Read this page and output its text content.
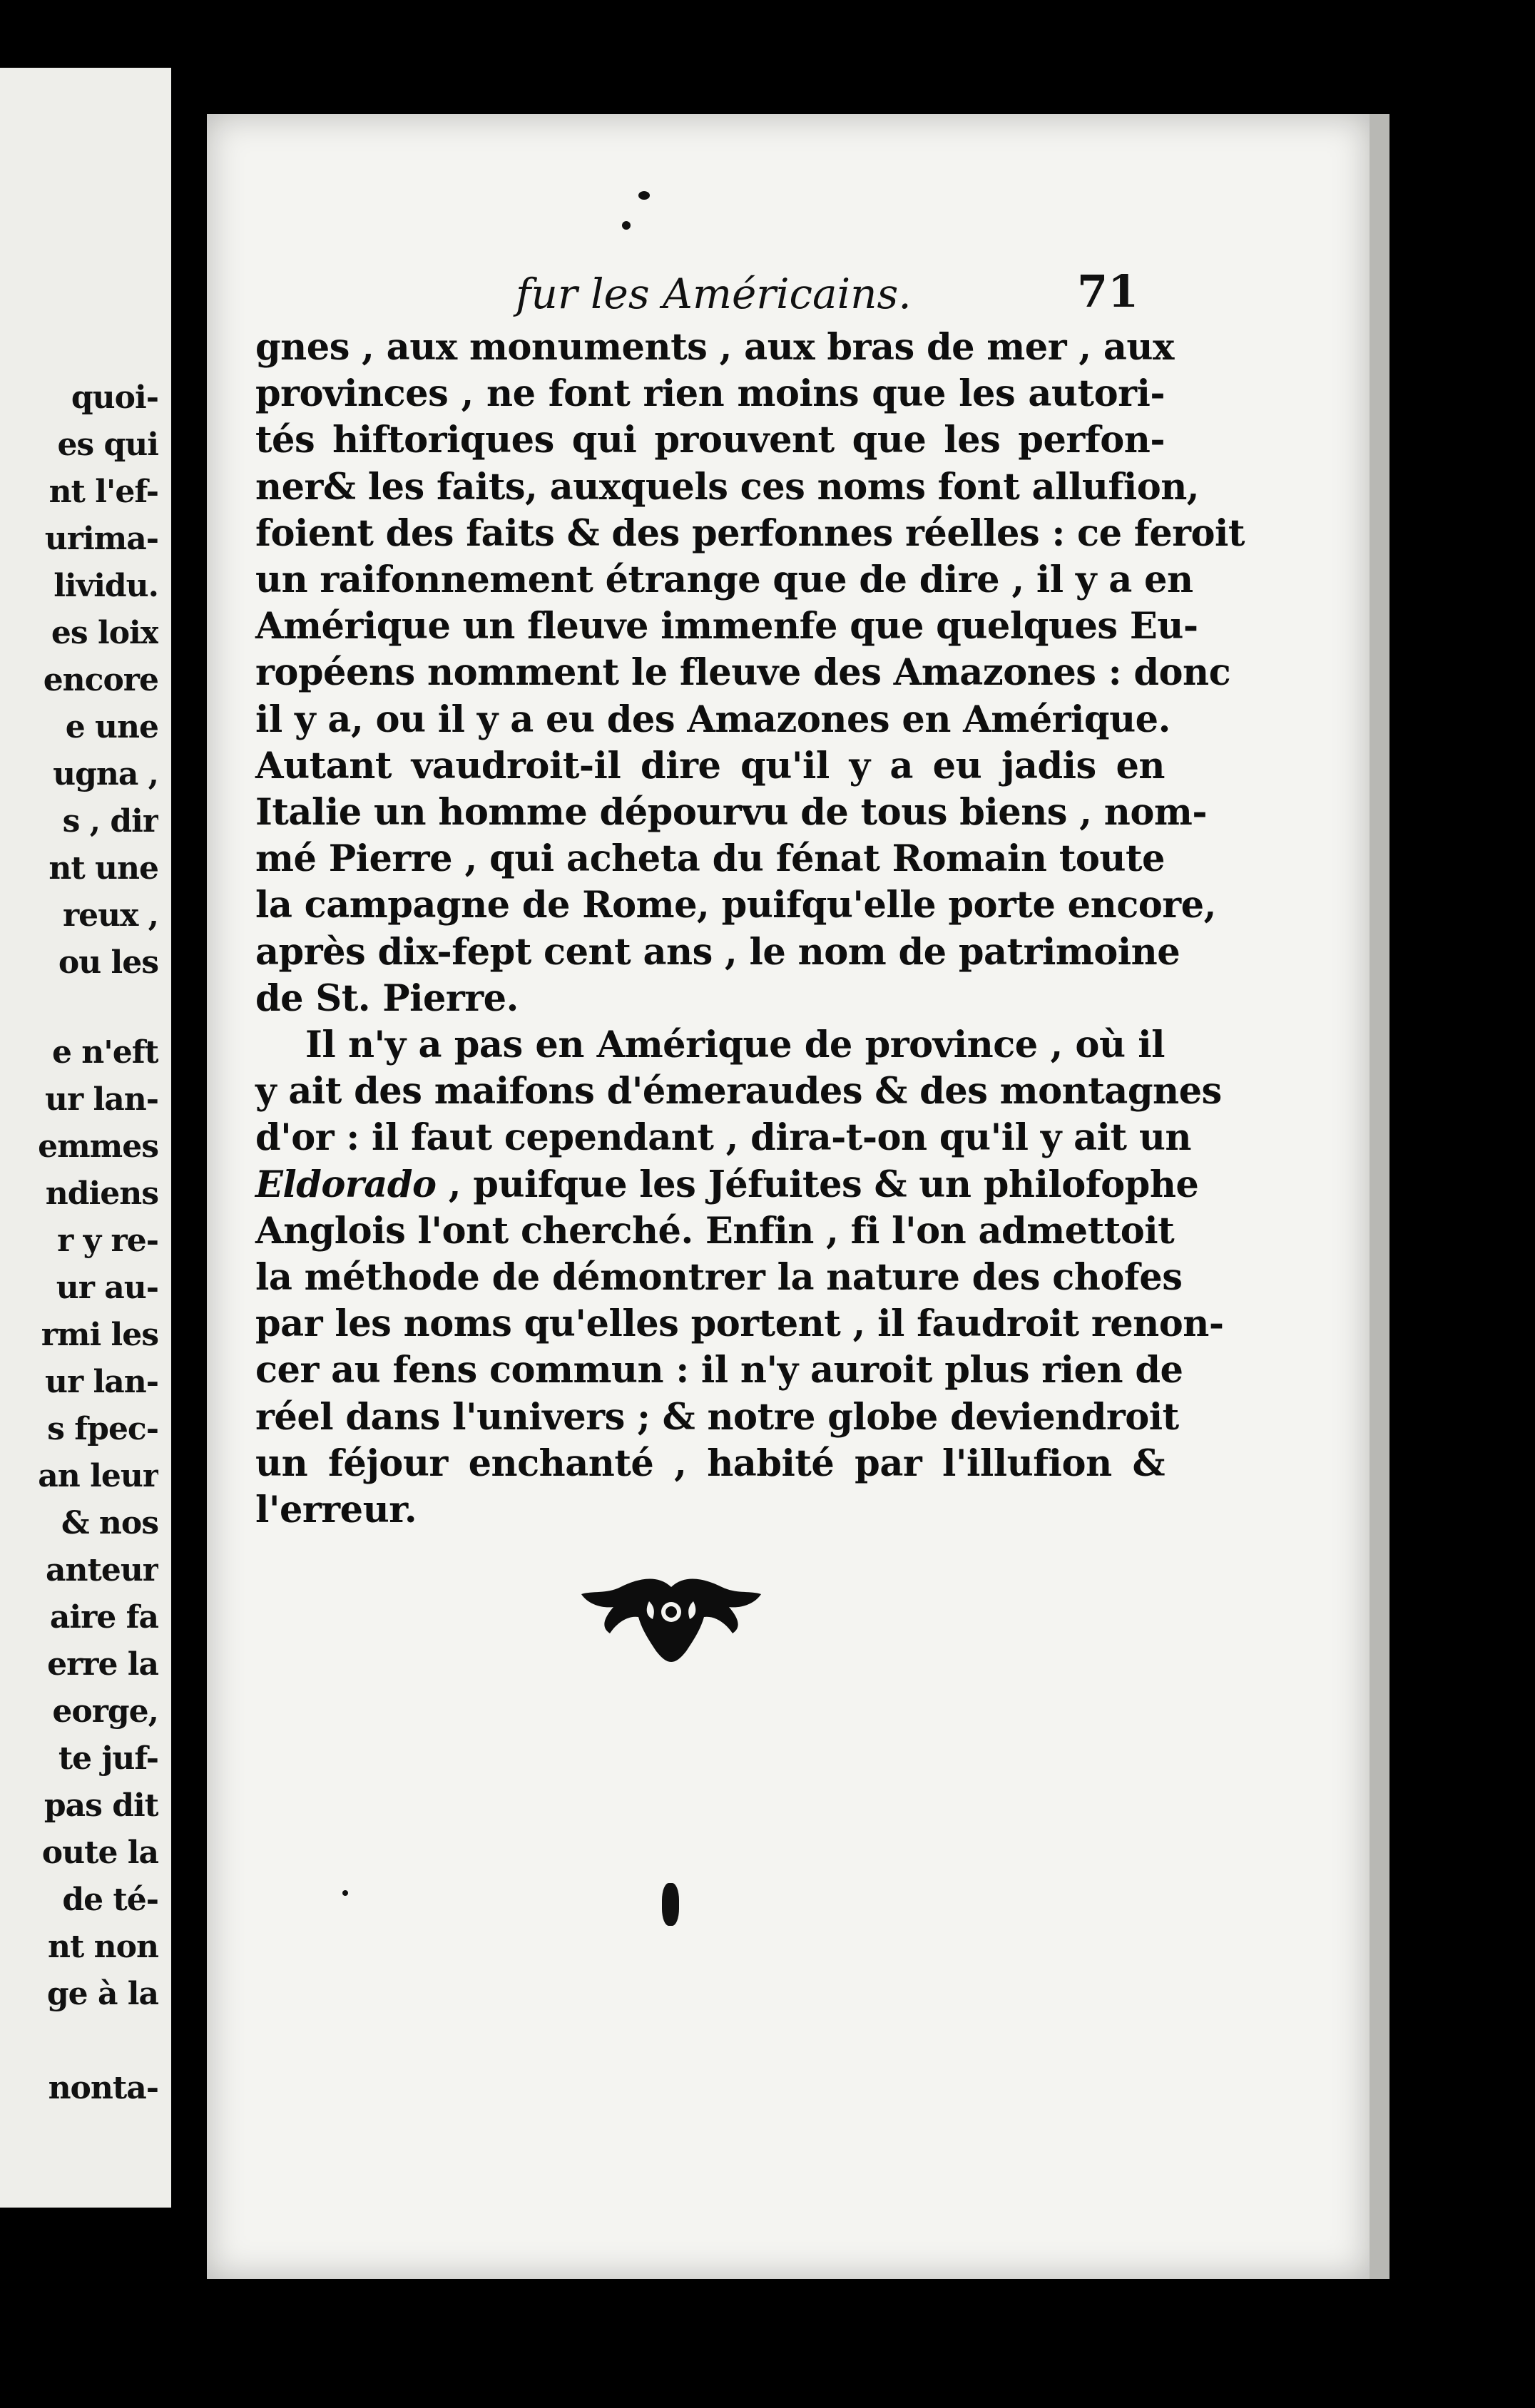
quoi-
es qui
nt l'ef-
urima-
lividu.
es loix
encore
e une
ugna ,
s , dir
nt une
reux ,
ou les
e n'eft
ur lan-
emmes
ndiens
r y re-
ur au-
rmi les
ur lan-
s fpec-
an leur
& nos
anteur
aire fa
erre la
eorge,
te juf-
pas dit
oute la
de té-
nt non
ge à la

nonta-
fur les Américains.	71
gnes , aux monuments , aux bras de mer , aux
provinces , ne font rien moins que les autori-
tés hiftoriques qui prouvent que les perfon-
ner& les faits, auxquels ces noms font allufion,
foient des faits & des perfonnes réelles : ce feroit
un raifonnement étrange que de dire , il y a en
Amérique un fleuve immenfe que quelques Eu-
ropéens nomment le fleuve des Amazones : donc
il y a, ou il y a eu des Amazones en Amérique.
Autant vaudroit-il dire qu'il y a eu jadis en
Italie un homme dépourvu de tous biens , nom-
mé Pierre , qui acheta du fénat Romain toute
la campagne de Rome, puifqu'elle porte encore,
après dix-fept cent ans , le nom de patrimoine
de St. Pierre.
Il n'y a pas en Amérique de province , où il
y ait des maifons d'émeraudes & des montagnes
d'or : il faut cependant , dira-t-on qu'il y ait un
Eldorado , puifque les Jéfuites & un philofophe
Anglois l'ont cherché. Enfin , fi l'on admettoit
la méthode de démontrer la nature des chofes
par les noms qu'elles portent , il faudroit renon-
cer au fens commun : il n'y auroit plus rien de
réel dans l'univers ; & notre globe deviendroit
un féjour enchanté , habité par l'illufion &
l'erreur.
